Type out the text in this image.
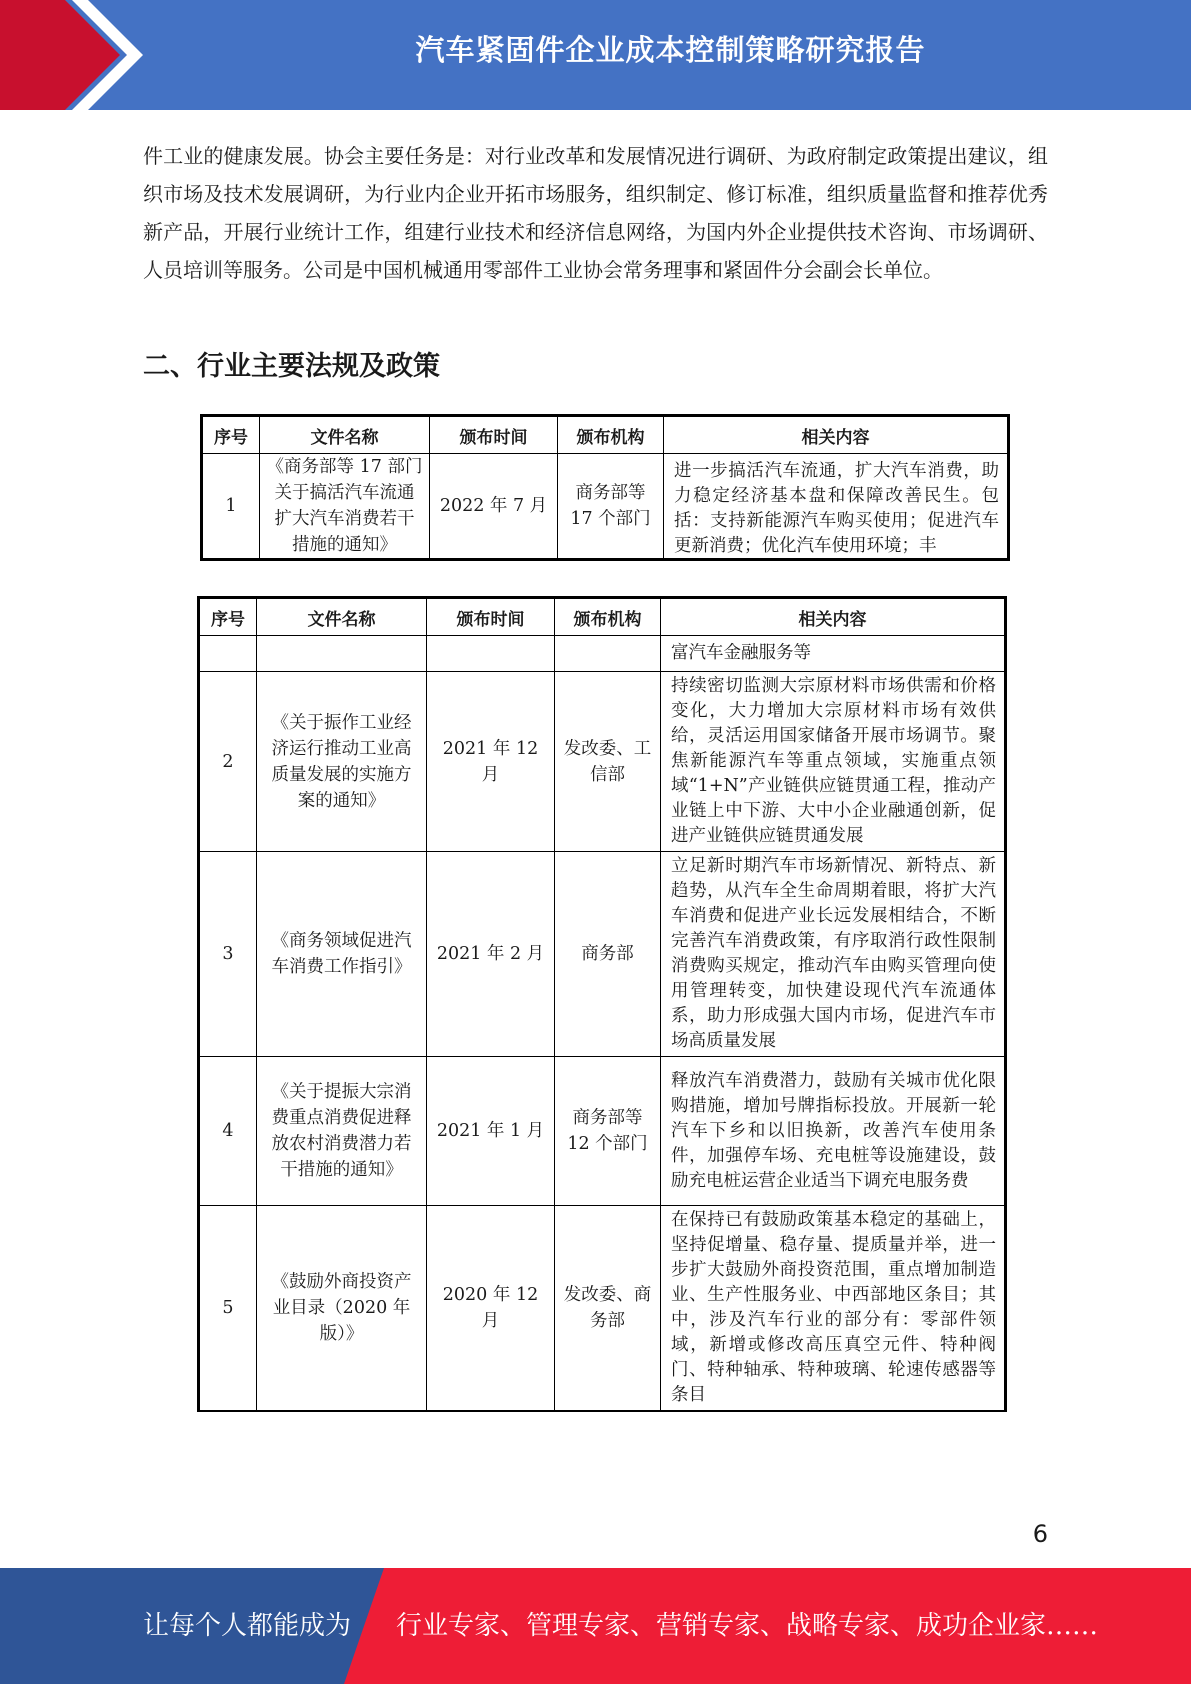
汽车紧固件企业成本控制策略研究报告

件工业的健康发展。协会主要任务是：对行业改革和发展情况进行调研、为政府制定政策提出建议，组织市场及技术发展调研，为行业内企业开拓市场服务，组织制定、修订标准，组织质量监督和推荐优秀新产品，开展行业统计工作，组建行业技术和经济信息网络，为国内外企业提供技术咨询、市场调研、人员培训等服务。公司是中国机械通用零部件工业协会常务理事和紧固件分会副会长单位。

二、行业主要法规及政策
序号	文件名称	颁布时间	颁布机构	相关内容
1	《商务部等 17 部门关于搞活汽车流通扩大汽车消费若干措施的通知》	2022 年 7 月	商务部等 17 个部门	进一步搞活汽车流通，扩大汽车消费，助力稳定经济基本盘和保障改善民生。包括：支持新能源汽车购买使用；促进汽车更新消费；优化汽车使用环境；丰
序号	文件名称	颁布时间	颁布机构	相关内容
				富汽车金融服务等
2	《关于振作工业经济运行推动工业高质量发展的实施方案的通知》	2021 年 12 月	发改委、工信部	持续密切监测大宗原材料市场供需和价格变化，大力增加大宗原材料市场有效供给，灵活运用国家储备开展市场调节。聚焦新能源汽车等重点领域，实施重点领域“1+N”产业链供应链贯通工程，推动产业链上中下游、大中小企业融通创新，促进产业链供应链贯通发展
3	《商务领域促进汽车消费工作指引》	2021 年 2 月	商务部	立足新时期汽车市场新情况、新特点、新趋势，从汽车全生命周期着眼，将扩大汽车消费和促进产业长远发展相结合，不断完善汽车消费政策，有序取消行政性限制消费购买规定，推动汽车由购买管理向使用管理转变，加快建设现代汽车流通体系，助力形成强大国内市场，促进汽车市场高质量发展
4	《关于提振大宗消费重点消费促进释放农村消费潜力若干措施的通知》	2021 年 1 月	商务部等 12 个部门	释放汽车消费潜力，鼓励有关城市优化限购措施，增加号牌指标投放。开展新一轮汽车下乡和以旧换新，改善汽车使用条件，加强停车场、充电桩等设施建设，鼓励充电桩运营企业适当下调充电服务费
5	《鼓励外商投资产业目录（2020 年版）》	2020 年 12 月	发改委、商务部	在保持已有鼓励政策基本稳定的基础上，坚持促增量、稳存量、提质量并举，进一步扩大鼓励外商投资范围，重点增加制造业、生产性服务业、中西部地区条目；其中，涉及汽车行业的部分有：零部件领域，新增或修改高压真空元件、特种阀门、特种轴承、特种玻璃、轮速传感器等条目
6
让每个人都能成为 行业专家、管理专家、营销专家、战略专家、成功企业家……
